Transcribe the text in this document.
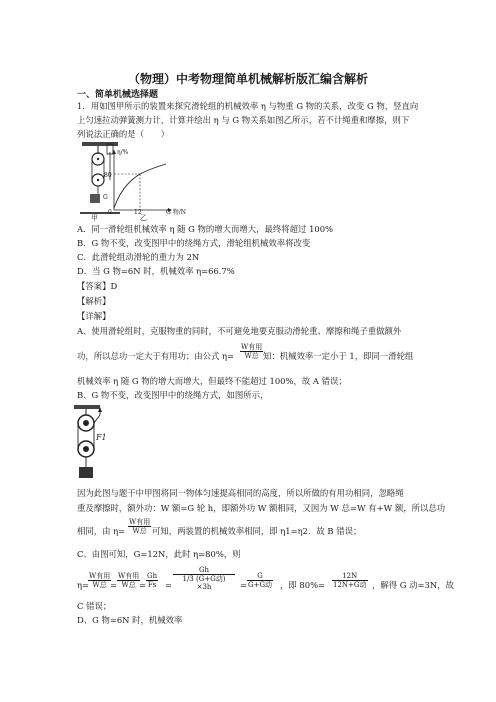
（物理）中考物理简单机械解析版汇编含解析
一、简单机械选择题
1．用如图甲所示的装置来探究滑轮组的机械效率 η 与物重 G 物的关系，改变 G 物，竖直向
上匀速拉动弹簧测力计，计算并绘出 η 与 G 物关系如图乙所示，若不计绳重和摩擦，则下
列说法正确的是（　　）
G
甲
η/%
80
0	12	G 物/N
乙
A．同一滑轮组机械效率 η 随 G 物的增大而增大，最终将超过 100%
B．G 物不变，改变图甲中的绕绳方式，滑轮组机械效率将改变
C．此滑轮组动滑轮的重力为 2N
D．当 G 物=6N 时，机械效率 η=66.7%
【答案】D
【解析】
【详解】
A、使用滑轮组时，克服物重的同时，不可避免地要克服动滑轮重、摩擦和绳子重做额外
功，所以总功一定大于有用功；由公式 η=
W有用
W总 知：机械效率一定小于 1，即同一滑轮组
机械效率 η 随 G 物的增大而增大，但最终不能超过 100%，故 A 错误；
B、G 物不变，改变图甲中的绕绳方式，如图所示，
F1
因为此图与题干中甲图将同一物体匀速提高相同的高度，所以所做的有用功相同，忽略绳
重及摩擦时，额外功：W 额=G 轮 h，即额外功 W 额相同，又因为 W 总=W 有+W 额，所以总功
相同，由 η=
W有用
W总 可知，两装置的机械效率相同，即 η1=η2．故 B 错误；
C、由图可知，G=12N，此时 η=80%，则
η=
W有用
W总 =
W有用
W总 = $\frac{Gh}{Fs}$ =
Gh
1/3 (G+G动) ×3h	=
G
G+G动 ，即 80%=
12N
12N+G动 ，解得 G 动=3N，故
C 错误；
D、G 物=6N 时，机械效率
